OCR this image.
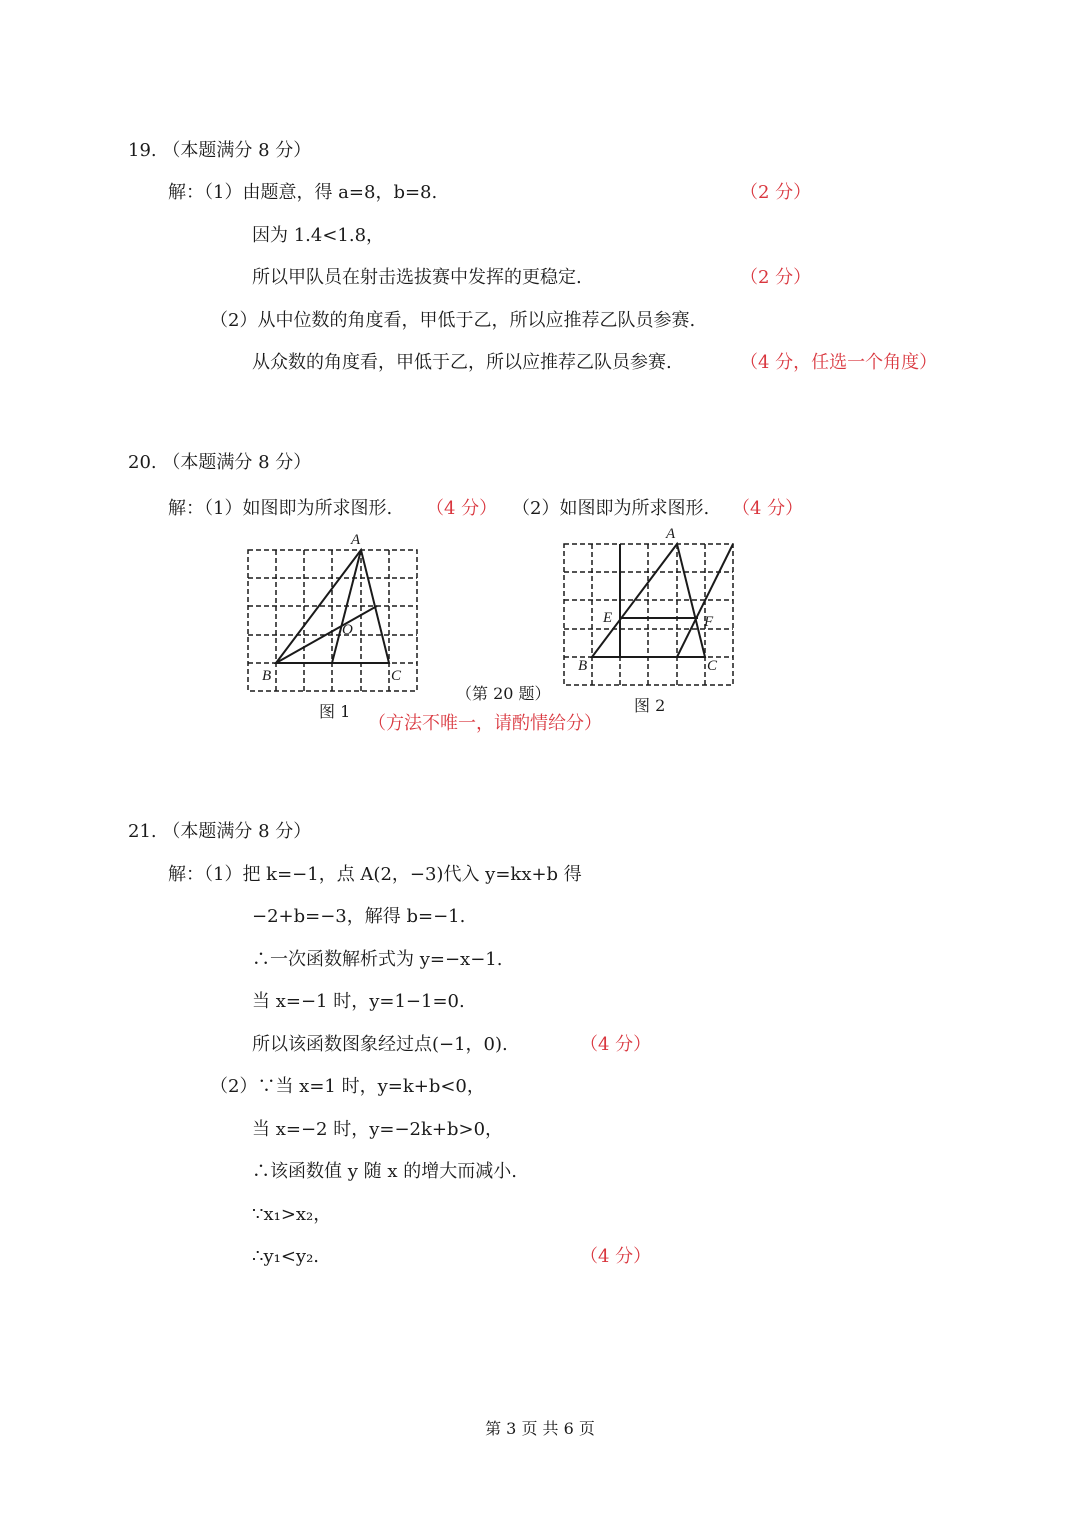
19. （本题满分 8 分）
解：（1）由题意，得 a=8，b=8.	（2 分）
因为 1.4<1.8，
所以甲队员在射击选拔赛中发挥的更稳定.	（2 分）
（2）从中位数的角度看，甲低于乙，所以应推荐乙队员参赛.
从众数的角度看，甲低于乙，所以应推荐乙队员参赛.	（4 分，任选一个角度）
20. （本题满分 8 分）
解：（1）如图即为所求图形. （4 分） （2）如图即为所求图形. （4 分）
A
B	C
O
图 1
A
B	C
E	F
图 2
（第 20 题）
（方法不唯一，请酌情给分）
21. （本题满分 8 分）
解：（1）把 k=−1，点 A(2，−3)代入 y=kx+b 得
−2+b=−3，解得 b=−1.
∴一次函数解析式为 y=−x−1.
当 x=−1 时，y=1−1=0.
所以该函数图象经过点(−1，0).	（4 分）
（2）∵当 x=1 时，y=k+b<0，
当 x=−2 时，y=−2k+b>0，
∴该函数值 y 随 x 的增大而减小.
∵x₁>x₂，
∴y₁<y₂.	（4 分）
第 3 页 共 6 页
